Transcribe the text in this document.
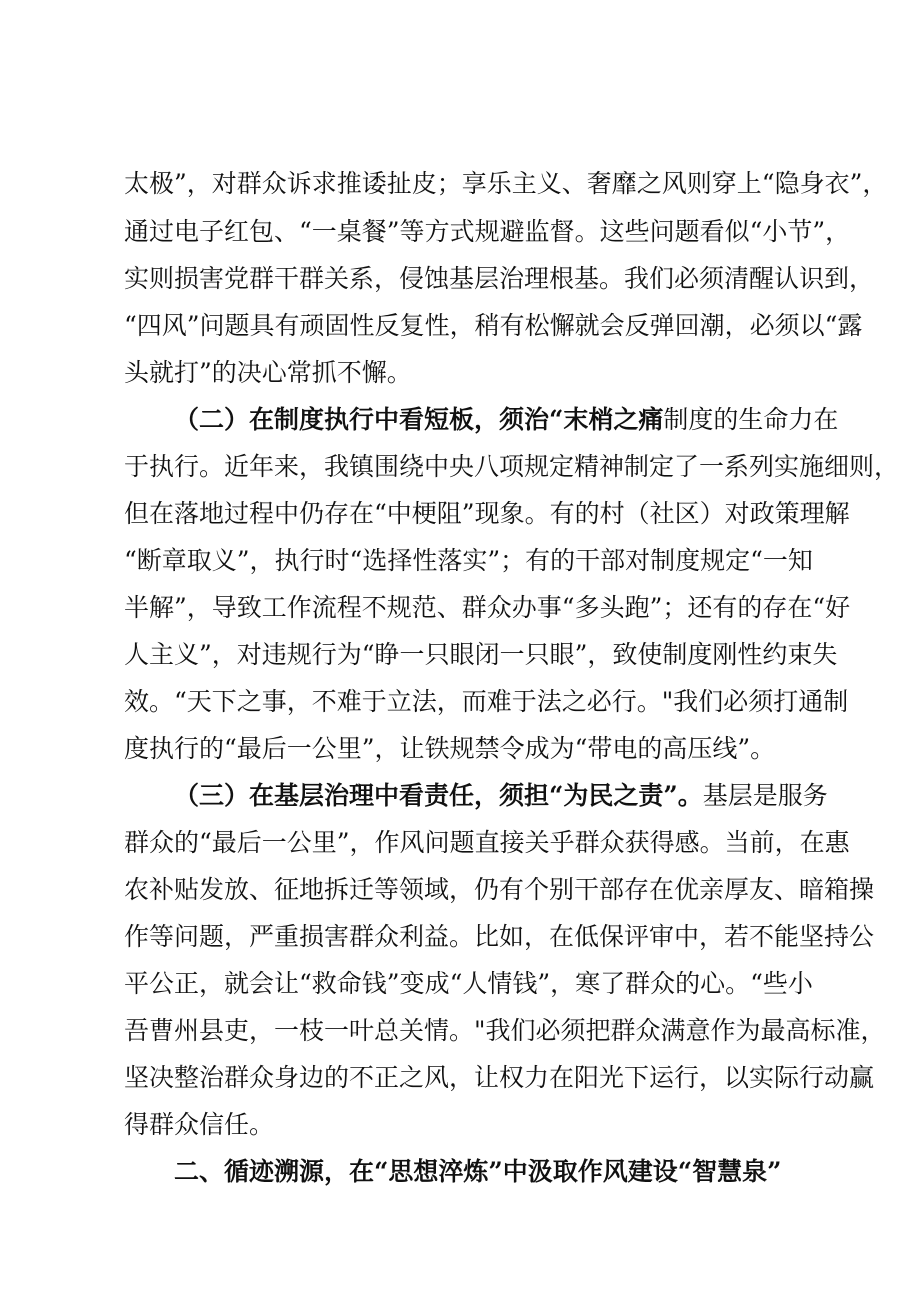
太极”，对群众诉求推诿扯皮；享乐主义、奢靡之风则穿上“隐身衣”，
通过电子红包、“一桌餐”等方式规避监督。这些问题看似“小节”，
实则损害党群干群关系，侵蚀基层治理根基。我们必须清醒认识到，
“四风”问题具有顽固性反复性，稍有松懈就会反弹回潮，必须以“露
头就打”的决心常抓不懈。
（二）在制度执行中看短板，须治“末梢之痛制度的生命力在
于执行。近年来，我镇围绕中央八项规定精神制定了一系列实施细则，
但在落地过程中仍存在“中梗阻”现象。有的村（社区）对政策理解
“断章取义”，执行时“选择性落实”；有的干部对制度规定“一知
半解”，导致工作流程不规范、群众办事“多头跑”；还有的存在“好
人主义”，对违规行为“睁一只眼闭一只眼”，致使制度刚性约束失
效。“天下之事，不难于立法，而难于法之必行。"我们必须打通制
度执行的“最后一公里”，让铁规禁令成为“带电的高压线”。
（三）在基层治理中看责任，须担“为民之责”。基层是服务
群众的“最后一公里”，作风问题直接关乎群众获得感。当前，在惠
农补贴发放、征地拆迁等领域，仍有个别干部存在优亲厚友、暗箱操
作等问题，严重损害群众利益。比如，在低保评审中，若不能坚持公
平公正，就会让“救命钱”变成“人情钱”，寒了群众的心。“些小
吾曹州县吏，一枝一叶总关情。"我们必须把群众满意作为最高标准，
坚决整治群众身边的不正之风，让权力在阳光下运行，以实际行动赢
得群众信任。
二、循迹溯源，在“思想淬炼”中汲取作风建设“智慧泉”
